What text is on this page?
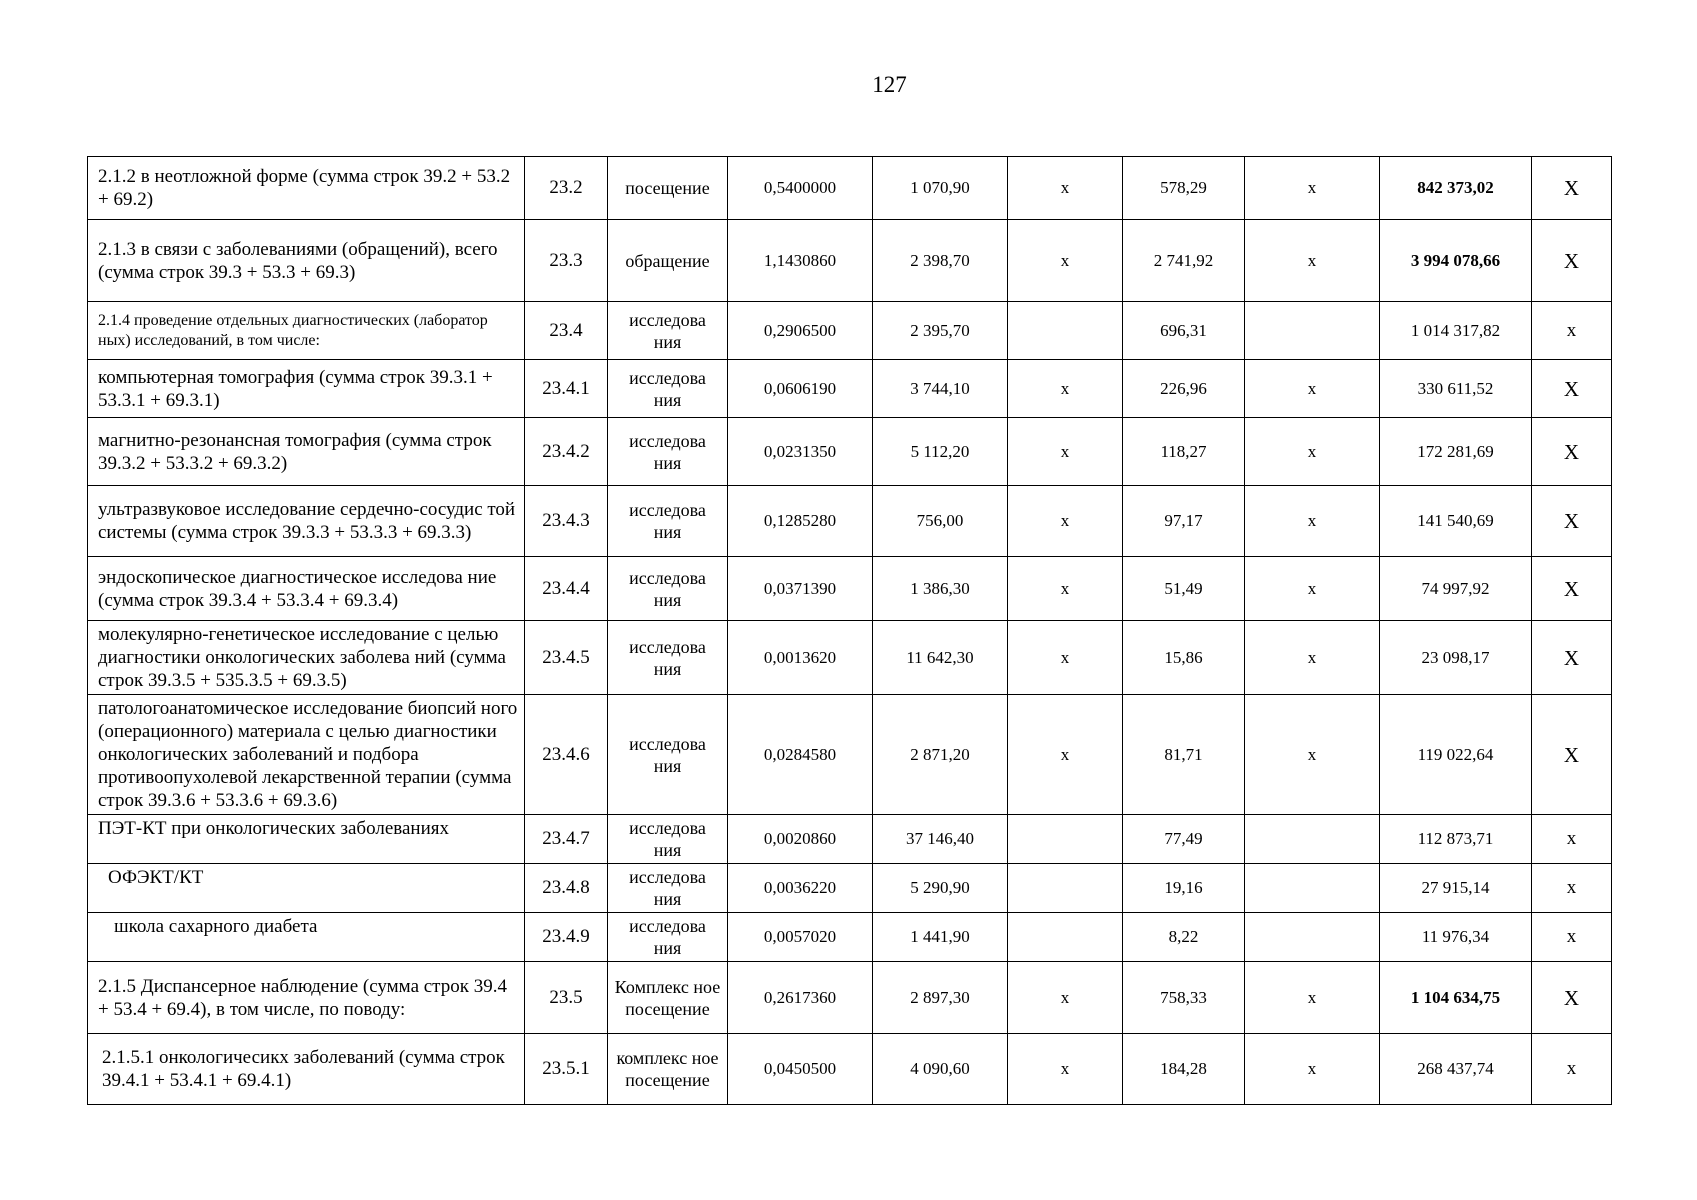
127
2.1.2 в неотложной форме (сумма строк 39.2 + 53.2 + 69.2)	23.2	посещение	0,5400000	1 070,90	х	578,29	х	842 373,02	Х
2.1.3 в связи с заболеваниями (обращений), всего (сумма строк 39.3 + 53.3 + 69.3)	23.3	обращение	1,1430860	2 398,70	х	2 741,92	х	3 994 078,66	Х
2.1.4 проведение отдельных диагностических (лаборатор ных) исследований, в том числе:	23.4	исследова ния	0,2906500	2 395,70		696,31		1 014 317,82	х
компьютерная томография (сумма строк 39.3.1 + 53.3.1 + 69.3.1)	23.4.1	исследова ния	0,0606190	3 744,10	х	226,96	х	330 611,52	Х
магнитно-резонансная томография (сумма строк 39.3.2 + 53.3.2 + 69.3.2)	23.4.2	исследова ния	0,0231350	5 112,20	х	118,27	х	172 281,69	Х
ультразвуковое исследование сердечно-сосудис той системы (сумма строк 39.3.3 + 53.3.3 + 69.3.3)	23.4.3	исследова ния	0,1285280	756,00	х	97,17	х	141 540,69	Х
эндоскопическое диагностическое исследова ние (сумма строк 39.3.4 + 53.3.4 + 69.3.4)	23.4.4	исследова ния	0,0371390	1 386,30	х	51,49	х	74 997,92	Х
молекулярно-генетическое исследование с целью диагностики онкологических заболева ний (сумма строк 39.3.5 + 535.3.5 + 69.3.5)	23.4.5	исследова ния	0,0013620	11 642,30	х	15,86	х	23 098,17	Х
патологоанатомическое исследование биопсий ного (операционного) материала с целью диагностики онкологических заболеваний и подбора противоопухолевой лекарственной терапии (сумма строк 39.3.6 + 53.3.6 + 69.3.6)	23.4.6	исследова ния	0,0284580	2 871,20	х	81,71	х	119 022,64	Х
ПЭТ-КТ при онкологических заболеваниях	23.4.7	исследова ния	0,0020860	37 146,40		77,49		112 873,71	х
ОФЭКТ/КТ	23.4.8	исследова ния	0,0036220	5 290,90		19,16		27 915,14	х
школа сахарного диабета	23.4.9	исследова ния	0,0057020	1 441,90		8,22		11 976,34	х
2.1.5 Диспансерное наблюдение (сумма строк 39.4 + 53.4 + 69.4), в том числе, по поводу:	23.5	Комплекс ное посещение	0,2617360	2 897,30	х	758,33	х	1 104 634,75	Х
2.1.5.1 онкологичесикх заболеваний (сумма строк 39.4.1 + 53.4.1 + 69.4.1)	23.5.1	комплекс ное посещение	0,0450500	4 090,60	х	184,28	х	268 437,74	х
